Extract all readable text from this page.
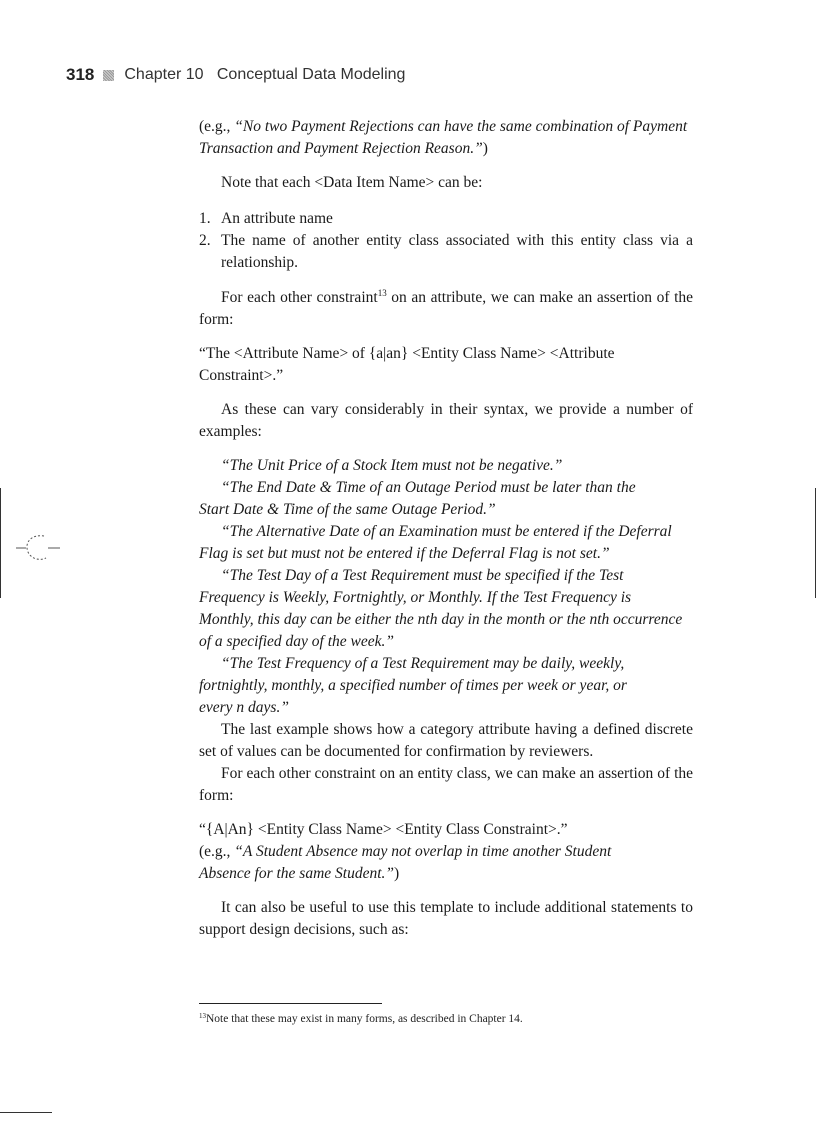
318 Chapter 10   Conceptual Data Modeling

(e.g., “No two Payment Rejections can have the same combination of Payment Transaction and Payment Rejection Reason.”)

Note that each <Data Item Name> can be:

1. An attribute name
2. The name of another entity class associated with this entity class via a relationship.

For each other constraint$^{13}$ on an attribute, we can make an assertion of the form:

“The <Attribute Name> of {a|an} <Entity Class Name> <Attribute Constraint>.”

As these can vary considerably in their syntax, we provide a number of examples:

“The Unit Price of a Stock Item must not be negative.”

“The End Date & Time of an Outage Period must be later than the Start Date & Time of the same Outage Period.”

“The Alternative Date of an Examination must be entered if the Deferral Flag is set but must not be entered if the Deferral Flag is not set.”

“The Test Day of a Test Requirement must be specified if the Test Frequency is Weekly, Fortnightly, or Monthly. If the Test Frequency is Monthly, this day can be either the nth day in the month or the nth occurrence of a specified day of the week.”

“The Test Frequency of a Test Requirement may be daily, weekly, fortnightly, monthly, a specified number of times per week or year, or every n days.”

The last example shows how a category attribute having a defined discrete set of values can be documented for confirmation by reviewers.

For each other constraint on an entity class, we can make an assertion of the form:

“{A|An} <Entity Class Name> <Entity Class Constraint>.”

(e.g., “A Student Absence may not overlap in time another Student Absence for the same Student.”)

It can also be useful to use this template to include additional statements to support design decisions, such as:

$^{13}$Note that these may exist in many forms, as described in Chapter 14.
